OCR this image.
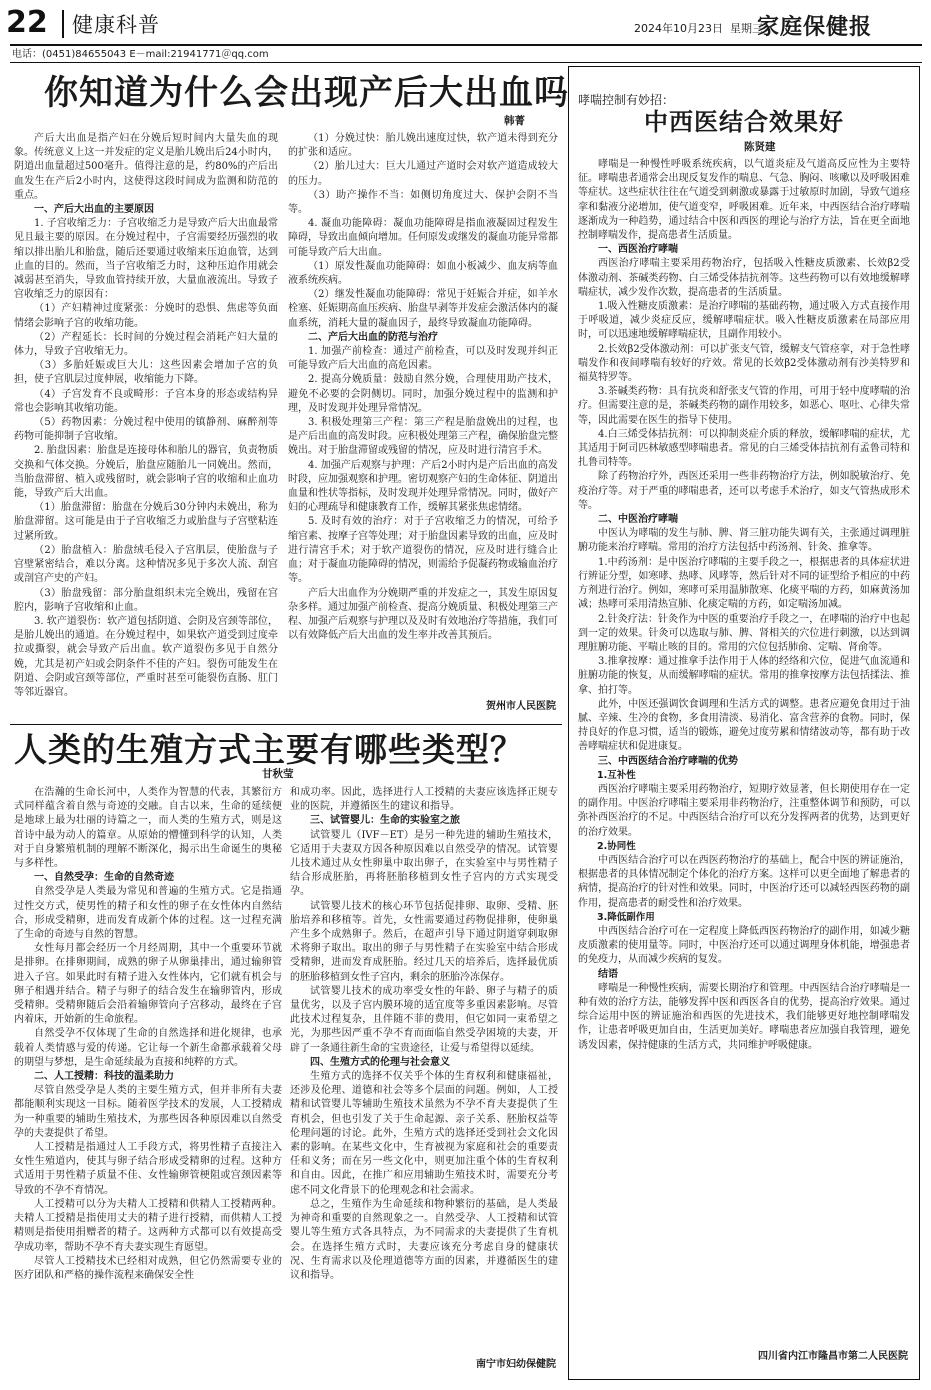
22 健康科普	2024年10月23日 星期三
家庭保健报
电话：(0451)84655043 E－mail:21941771＠qq.com
你知道为什么会出现产后大出血吗
韩菁

产后大出血是指产妇在分娩后短时间内大量失血的现象。传统意义上这一并发症的定义是胎儿娩出后24小时内，阴道出血量超过500毫升。值得注意的是，约80%的产后出血发生在产后2小时内，这使得这段时间成为监测和防范的重点。

一、产后大出血的主要原因

1. 子宫收缩乏力：子宫收缩乏力是导致产后大出血最常见且最主要的原因。在分娩过程中，子宫需要经历强烈的收缩以排出胎儿和胎盘，随后还要通过收缩来压迫血管，达到止血的目的。然而，当子宫收缩乏力时，这种压迫作用就会减弱甚至消失，导致血管持续开放，大量血液流出。导致子宫收缩乏力的原因有：

（1）产妇精神过度紧张：分娩时的恐惧、焦虑等负面情绪会影响子宫的收缩功能。

（2）产程延长：长时间的分娩过程会消耗产妇大量的体力，导致子宫收缩无力。

（3）多胎妊娠或巨大儿：这些因素会增加子宫的负担，使子宫肌层过度伸展，收缩能力下降。

（4）子宫发育不良或畸形：子宫本身的形态或结构异常也会影响其收缩功能。

（5）药物因素：分娩过程中使用的镇静剂、麻醉剂等药物可能抑制子宫收缩。

2. 胎盘因素：胎盘是连接母体和胎儿的器官，负责物质交换和气体交换。分娩后，胎盘应随胎儿一同娩出。然而，当胎盘滞留、植入或残留时，就会影响子宫的收缩和止血功能，导致产后大出血。

（1）胎盘滞留：胎盘在分娩后30分钟内未娩出，称为胎盘滞留。这可能是由于子宫收缩乏力或胎盘与子宫壁粘连过紧所致。

（2）胎盘植入：胎盘绒毛侵入子宫肌层，使胎盘与子宫壁紧密结合，难以分离。这种情况多见于多次人流、刮宫或剖宫产史的产妇。

（3）胎盘残留：部分胎盘组织未完全娩出，残留在宫腔内，影响子宫收缩和止血。

3. 软产道裂伤：软产道包括阴道、会阴及宫颈等部位，是胎儿娩出的通道。在分娩过程中，如果软产道受到过度牵拉或撕裂，就会导致产后出血。软产道裂伤多见于自然分娩，尤其是初产妇或会阴条件不佳的产妇。裂伤可能发生在阴道、会阴或宫颈等部位，严重时甚至可能裂伤直肠、肛门等邻近器官。

（1）分娩过快：胎儿娩出速度过快，软产道未得到充分的扩张和适应。

（2）胎儿过大：巨大儿通过产道时会对软产道造成较大的压力。

（3）助产操作不当：如侧切角度过大、保护会阴不当等。

4. 凝血功能障碍：凝血功能障碍是指血液凝固过程发生障碍，导致出血倾向增加。任何原发或继发的凝血功能异常都可能导致产后大出血。

（1）原发性凝血功能障碍：如血小板减少、血友病等血液系统疾病。

（2）继发性凝血功能障碍：常见于妊娠合并症，如羊水栓塞、妊娠期高血压疾病、胎盘早剥等并发症会激活体内的凝血系统，消耗大量的凝血因子，最终导致凝血功能障碍。

二、产后大出血的防范与治疗

1. 加强产前检查：通过产前检查，可以及时发现并纠正可能导致产后大出血的高危因素。

2. 提高分娩质量：鼓励自然分娩，合理使用助产技术，避免不必要的会阴侧切。同时，加强分娩过程中的监测和护理，及时发现并处理异常情况。

3. 积极处理第三产程：第三产程是胎盘娩出的过程，也是产后出血的高发时段。应积极处理第三产程，确保胎盘完整娩出。对于胎盘滞留或残留的情况，应及时进行清宫手术。

4. 加强产后观察与护理：产后2小时内是产后出血的高发时段，应加强观察和护理。密切观察产妇的生命体征、阴道出血量和性状等指标，及时发现并处理异常情况。同时，做好产妇的心理疏导和健康教育工作，缓解其紧张焦虑情绪。

5. 及时有效的治疗：对于子宫收缩乏力的情况，可给予缩宫素、按摩子宫等处理；对于胎盘因素导致的出血，应及时进行清宫手术；对于软产道裂伤的情况，应及时进行缝合止血；对于凝血功能障碍的情况，则需给予促凝药物或输血治疗等。

产后大出血作为分娩期严重的并发症之一，其发生原因复杂多样。通过加强产前检查、提高分娩质量、积极处理第三产程、加强产后观察与护理以及及时有效地治疗等措施，我们可以有效降低产后大出血的发生率并改善其预后。

贺州市人民医院
人类的生殖方式主要有哪些类型？
甘秋莹

在浩瀚的生命长河中，人类作为智慧的代表，其繁衍方式同样蕴含着自然与奇迹的交融。自古以来，生命的延续便是地球上最为壮丽的诗篇之一，而人类的生殖方式，则是这首诗中最为动人的篇章。从原始的懵懂到科学的认知，人类对于自身繁殖机制的理解不断深化，揭示出生命诞生的奥秘与多样性。

一、自然受孕：生命的自然奇迹

自然受孕是人类最为常见和普遍的生殖方式。它是指通过性交方式，使男性的精子和女性的卵子在女性体内自然结合，形成受精卵，进而发育成新个体的过程。这一过程充满了生命的奇迹与自然的智慧。

女性每月都会经历一个月经周期，其中一个重要环节就是排卵。在排卵期间，成熟的卵子从卵巢排出，通过输卵管进入子宫。如果此时有精子进入女性体内，它们就有机会与卵子相遇并结合。精子与卵子的结合发生在输卵管内，形成受精卵。受精卵随后会沿着输卵管向子宫移动，最终在子宫内着床，开始新的生命旅程。

自然受孕不仅体现了生命的自然选择和进化规律，也承载着人类情感与爱的传递。它让每一个新生命都承载着父母的期望与梦想，是生命延续最为直接和纯粹的方式。

二、人工授精：科技的温柔助力

尽管自然受孕是人类的主要生殖方式，但并非所有夫妻都能顺利实现这一目标。随着医学技术的发展，人工授精成为一种重要的辅助生殖技术，为那些因各种原因难以自然受孕的夫妻提供了希望。

人工授精是指通过人工手段方式，将男性精子直接注入女性生殖道内，使其与卵子结合形成受精卵的过程。这种方式适用于男性精子质量不佳、女性输卵管梗阻或宫颈因素等导致的不孕不育情况。

人工授精可以分为夫精人工授精和供精人工授精两种。夫精人工授精是指使用丈夫的精子进行授精，而供精人工授精则是指使用捐赠者的精子。这两种方式都可以有效提高受孕成功率，帮助不孕不育夫妻实现生育愿望。

尽管人工授精技术已经相对成熟，但它仍然需要专业的医疗团队和严格的操作流程来确保安全性

和成功率。因此，选择进行人工授精的夫妻应该选择正规专业的医院，并遵循医生的建议和指导。

三、试管婴儿：生命的实验室之旅

试管婴儿（IVF－ET）是另一种先进的辅助生殖技术，它适用于夫妻双方因各种原因难以自然受孕的情况。试管婴儿技术通过从女性卵巢中取出卵子，在实验室中与男性精子结合形成胚胎，再将胚胎移植到女性子宫内的方式实现受孕。

试管婴儿技术的核心环节包括促排卵、取卵、受精、胚胎培养和移植等。首先，女性需要通过药物促排卵，使卵巢产生多个成熟卵子。然后，在超声引导下通过阴道穿刺取卵术将卵子取出。取出的卵子与男性精子在实验室中结合形成受精卵，进而发育成胚胎。经过几天的培养后，选择最优质的胚胎移植到女性子宫内，剩余的胚胎冷冻保存。

试管婴儿技术的成功率受女性的年龄、卵子与精子的质量优劣，以及子宫内膜环境的适宜度等多重因素影响。尽管此技术过程复杂，且伴随不菲的费用，但它如同一束希望之光，为那些因严重不孕不育而面临自然受孕困境的夫妻，开辟了一条通往新生命的宝贵途径，让爱与希望得以延续。

四、生殖方式的伦理与社会意义

生殖方式的选择不仅关乎个体的生育权利和健康福祉，还涉及伦理、道德和社会等多个层面的问题。例如，人工授精和试管婴儿等辅助生殖技术虽然为不孕不育夫妻提供了生育机会，但也引发了关于生命起源、亲子关系、胚胎权益等伦理问题的讨论。此外，生殖方式的选择还受到社会文化因素的影响。在某些文化中，生育被视为家庭和社会的重要责任和义务；而在另一些文化中，则更加注重个体的生育权利和自由。因此，在推广和应用辅助生殖技术时，需要充分考虑不同文化背景下的伦理观念和社会需求。

总之，生殖作为生命延续和物种繁衍的基础，是人类最为神奇和重要的自然现象之一。自然受孕、人工授精和试管婴儿等生殖方式各具特点，为不同需求的夫妻提供了生育机会。在选择生殖方式时，夫妻应该充分考虑自身的健康状况、生育需求以及伦理道德等方面的因素，并遵循医生的建议和指导。

南宁市妇幼保健院
哮喘控制有妙招：
中西医结合效果好
陈贤建

哮喘是一种慢性呼吸系统疾病，以气道炎症及气道高反应性为主要特征。哮喘患者通常会出现反复发作的喘息、气急、胸闷、咳嗽以及呼吸困难等症状。这些症状往往在气道受到刺激或暴露于过敏原时加剧，导致气道痉挛和黏液分泌增加，使气道变窄，呼吸困难。近年来，中西医结合治疗哮喘逐渐成为一种趋势，通过结合中医和西医的理论与治疗方法，旨在更全面地控制哮喘发作，提高患者生活质量。

一、西医治疗哮喘

西医治疗哮喘主要采用药物治疗，包括吸入性糖皮质激素、长效β2受体激动剂、茶碱类药物、白三烯受体拮抗剂等。这些药物可以有效地缓解哮喘症状，减少发作次数，提高患者的生活质量。

1.吸入性糖皮质激素：是治疗哮喘的基础药物，通过吸入方式直接作用于呼吸道，减少炎症反应，缓解哮喘症状。吸入性糖皮质激素在局部应用时，可以迅速地缓解哮喘症状，且副作用较小。

2.长效β2受体激动剂：可以扩张支气管，缓解支气管痉挛，对于急性哮喘发作和夜间哮喘有较好的疗效。常见的长效β2受体激动剂有沙美特罗和福莫特罗等。

3.茶碱类药物：具有抗炎和舒张支气管的作用，可用于轻中度哮喘的治疗。但需要注意的是，茶碱类药物的副作用较多，如恶心、呕吐、心律失常等，因此需要在医生的指导下使用。

4.白三烯受体拮抗剂：可以抑制炎症介质的释放，缓解哮喘的症状，尤其适用于阿司匹林敏感型哮喘患者。常见的白三烯受体拮抗剂有孟鲁司特和扎鲁司特等。

除了药物治疗外，西医还采用一些非药物治疗方法，例如脱敏治疗、免疫治疗等。对于严重的哮喘患者，还可以考虑手术治疗，如支气管热成形术等。

二、中医治疗哮喘

中医认为哮喘的发生与肺、脾、肾三脏功能失调有关，主张通过调理脏腑功能来治疗哮喘。常用的治疗方法包括中药汤剂、针灸、推拿等。

1.中药汤剂：是中医治疗哮喘的主要手段之一，根据患者的具体症状进行辨证分型，如寒哮、热哮、风哮等，然后针对不同的证型给予相应的中药方剂进行治疗。例如，寒哮可采用温肺散寒、化痰平喘的方药，如麻黄汤加减；热哮可采用清热宣肺、化痰定喘的方药，如定喘汤加减。

2.针灸疗法：针灸作为中医的重要治疗手段之一，在哮喘的治疗中也起到一定的效果。针灸可以选取与肺、脾、肾相关的穴位进行刺激，以达到调理脏腑功能、平喘止咳的目的。常用的穴位包括肺俞、定喘、肾俞等。

3.推拿按摩：通过推拿手法作用于人体的经络和穴位，促进气血流通和脏腑功能的恢复，从而缓解哮喘的症状。常用的推拿按摩方法包括揉法、推拿、拍打等。

此外，中医还强调饮食调理和生活方式的调整。患者应避免食用过于油腻、辛辣、生冷的食物，多食用清淡、易消化、富含营养的食物。同时，保持良好的作息习惯，适当的锻炼，避免过度劳累和情绪波动等，都有助于改善哮喘症状和促进康复。

三、中西医结合治疗哮喘的优势

1.互补性

西医治疗哮喘主要采用药物治疗，短期疗效显著，但长期使用存在一定的副作用。中医治疗哮喘主要采用非药物治疗，注重整体调节和预防，可以弥补西医治疗的不足。中西医结合治疗可以充分发挥两者的优势，达到更好的治疗效果。

2.协同性

中西医结合治疗可以在西医药物治疗的基础上，配合中医的辨证施治，根据患者的具体情况制定个体化的治疗方案。这样可以更全面地了解患者的病情，提高治疗的针对性和效果。同时，中医治疗还可以减轻西医药物的副作用，提高患者的耐受性和治疗效果。

3.降低副作用

中西医结合治疗可在一定程度上降低西医药物治疗的副作用，如减少糖皮质激素的使用量等。同时，中医治疗还可以通过调理身体机能，增强患者的免疫力，从而减少疾病的复发。

结语

哮喘是一种慢性疾病，需要长期治疗和管理。中西医结合治疗哮喘是一种有效的治疗方法，能够发挥中医和西医各自的优势，提高治疗效果。通过综合运用中医的辨证施治和西医的先进技术，我们能够更好地控制哮喘发作，让患者呼吸更加自由，生活更加美好。哮喘患者应加强自我管理，避免诱发因素，保持健康的生活方式，共同维护呼吸健康。

四川省内江市隆昌市第二人民医院
